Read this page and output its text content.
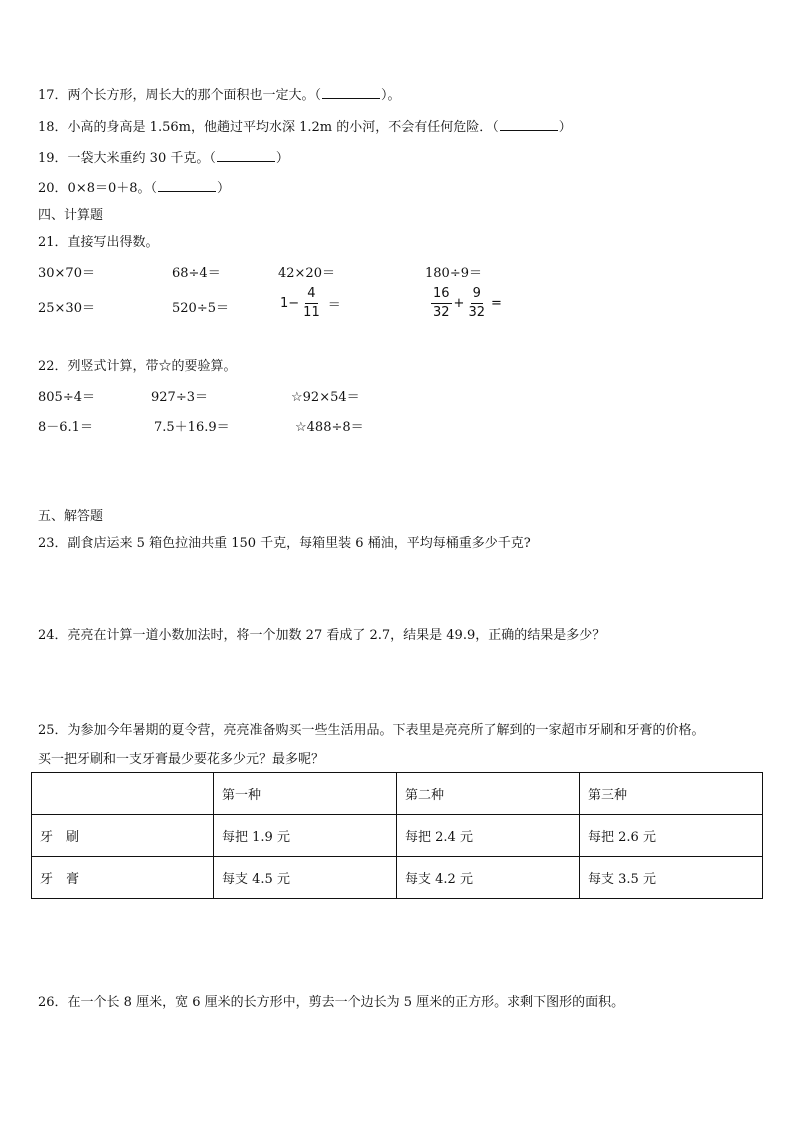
17．两个长方形，周长大的那个面积也一定大。（	）。
18．小高的身高是 1.56m，他趟过平均水深 1.2m 的小河，不会有任何危险．（	）
19．一袋大米重约 30 千克。（	）
20．0×8＝0＋8。（	）
四、计算题
21．直接写出得数。
30×70＝	68÷4＝	42×20＝	180÷9＝
25×30＝	520÷5＝	$1- \frac{4}{11}$ ＝	$\frac{16}{32} + \frac{9}{32}$ =
22．列竖式计算，带☆的要验算。
805÷4＝	927÷3＝	☆92×54＝
8－6.1＝	7.5＋16.9＝	☆488÷8＝
五、解答题
23．副食店运来 5 箱色拉油共重 150 千克，每箱里装 6 桶油，平均每桶重多少千克?
24．亮亮在计算一道小数加法时，将一个加数 27 看成了 2.7，结果是 49.9，正确的结果是多少？
25．为参加今年暑期的夏令营，亮亮准备购买一些生活用品。下表里是亮亮所了解到的一家超市牙刷和牙膏的价格。
买一把牙刷和一支牙膏最少要花多少元？最多呢？
	第一种	第二种	第三种
牙　刷	每把 1.9 元	每把 2.4 元	每把 2.6 元
牙　膏	每支 4.5 元	每支 4.2 元	每支 3.5 元
26．在一个长 8 厘米，宽 6 厘米的长方形中，剪去一个边长为 5 厘米的正方形。求剩下图形的面积。
